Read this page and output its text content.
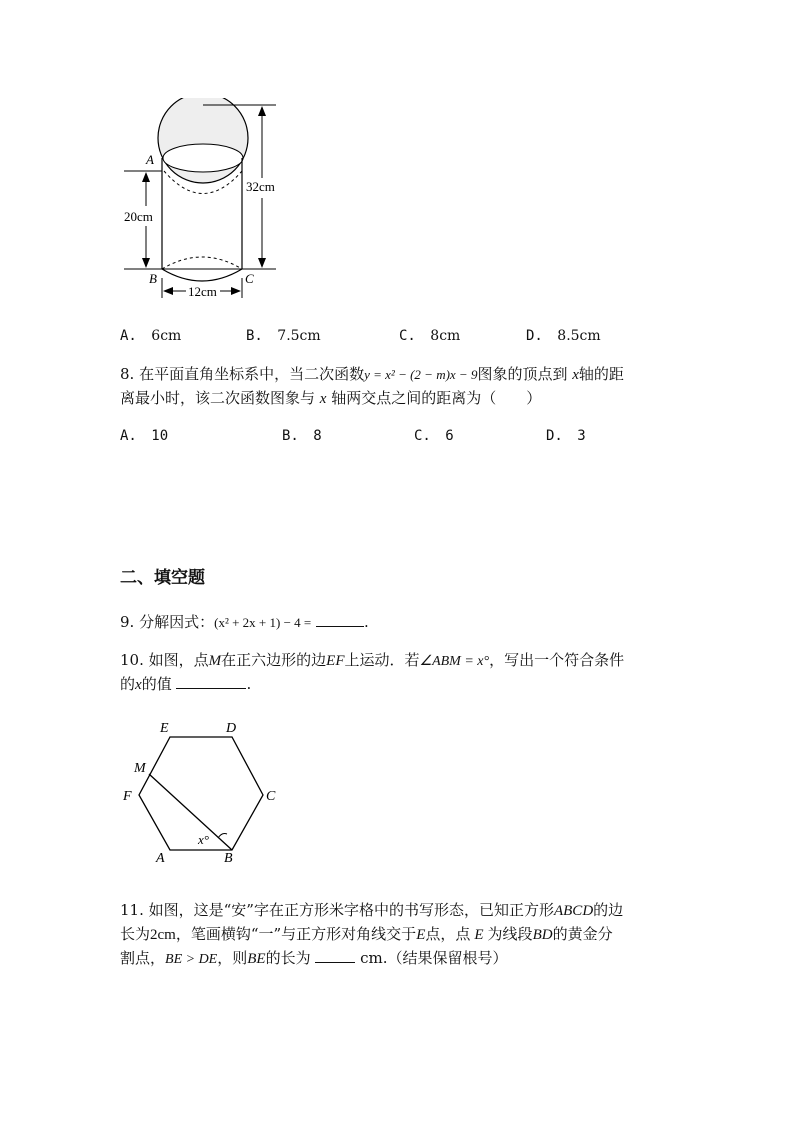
A
B	C
32cm
20cm
12cm
A. 6cm	B. 7.5cm	C. 8cm	D. 8.5cm
8. 在平面直角坐标系中，当二次函数y = x² − (2 − m)x − 9图象的顶点到 x轴的距
离最小时，该二次函数图象与 x 轴两交点之间的距离为（　　）
A. 10	B. 8	C. 6	D. 3
二、填空题
9. 分解因式：(x² + 2x + 1) − 4 =	.
10. 如图，点M在正六边形的边EF上运动．若∠ABM = x°，写出一个符合条件
的x的值	.
E	D
M
F	C
A	B
x°
11. 如图，这是“安”字在正方形米字格中的书写形态，已知正方形ABCD的边
长为2cm，笔画横钩“一”与正方形对角线交于E点，点 E 为线段BD的黄金分
割点，BE > DE，则BE的长为	cm.（结果保留根号）
